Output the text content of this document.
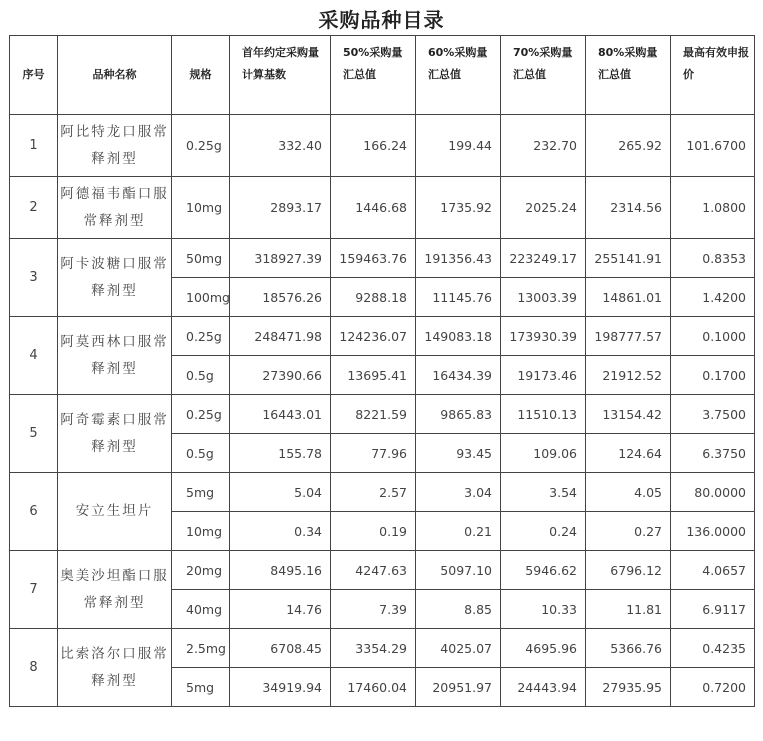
采购品种目录
序号	品种名称	规格	首年约定采购量计算基数	50%采购量汇总值	60%采购量汇总值	70%采购量汇总值	80%采购量汇总值	最高有效申报价
1	阿比特龙口服常释剂型	0.25g	332.40	166.24	199.44	232.70	265.92	101.6700
2	阿德福韦酯口服常释剂型	10mg	2893.17	1446.68	1735.92	2025.24	2314.56	1.0800
3	阿卡波糖口服常释剂型	50mg	318927.39	159463.76	191356.43	223249.17	255141.91	0.8353
		100mg	18576.26	9288.18	11145.76	13003.39	14861.01	1.4200
4	阿莫西林口服常释剂型	0.25g	248471.98	124236.07	149083.18	173930.39	198777.57	0.1000
		0.5g	27390.66	13695.41	16434.39	19173.46	21912.52	0.1700
5	阿奇霉素口服常释剂型	0.25g	16443.01	8221.59	9865.83	11510.13	13154.42	3.7500
		0.5g	155.78	77.96	93.45	109.06	124.64	6.3750
6	安立生坦片	5mg	5.04	2.57	3.04	3.54	4.05	80.0000
		10mg	0.34	0.19	0.21	0.24	0.27	136.0000
7	奥美沙坦酯口服常释剂型	20mg	8495.16	4247.63	5097.10	5946.62	6796.12	4.0657
		40mg	14.76	7.39	8.85	10.33	11.81	6.9117
8	比索洛尔口服常释剂型	2.5mg	6708.45	3354.29	4025.07	4695.96	5366.76	0.4235
		5mg	34919.94	17460.04	20951.97	24443.94	27935.95	0.7200
